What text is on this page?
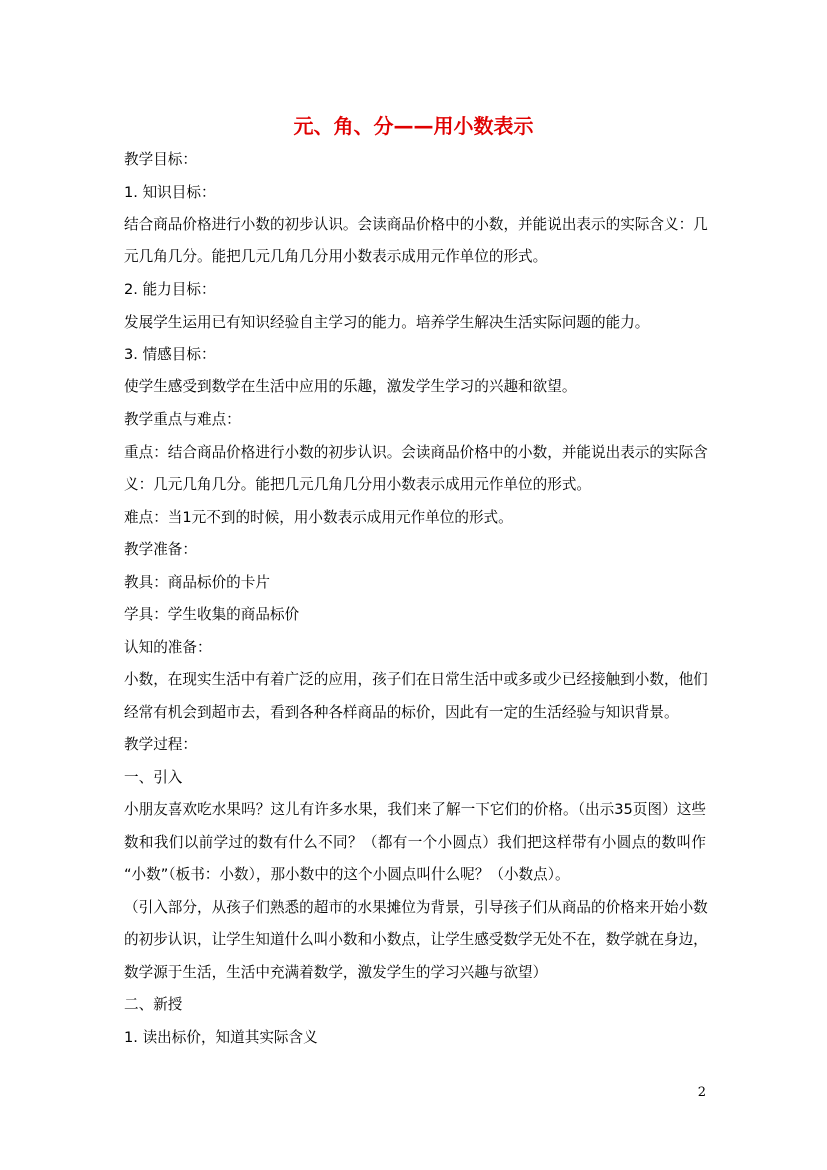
元、角、分——用小数表示
教学目标：
1. 知识目标：
结合商品价格进行小数的初步认识。会读商品价格中的小数，并能说出表示的实际含义：几
元几角几分。能把几元几角几分用小数表示成用元作单位的形式。
2. 能力目标：
发展学生运用已有知识经验自主学习的能力。培养学生解决生活实际问题的能力。
3. 情感目标：
使学生感受到数学在生活中应用的乐趣，激发学生学习的兴趣和欲望。
教学重点与难点：
重点：结合商品价格进行小数的初步认识。会读商品价格中的小数，并能说出表示的实际含
义：几元几角几分。能把几元几角几分用小数表示成用元作单位的形式。
难点：当1元不到的时候，用小数表示成用元作单位的形式。
教学准备：
教具：商品标价的卡片
学具：学生收集的商品标价
认知的准备：
小数，在现实生活中有着广泛的应用，孩子们在日常生活中或多或少已经接触到小数，他们
经常有机会到超市去，看到各种各样商品的标价，因此有一定的生活经验与知识背景。
教学过程：
一、引入
小朋友喜欢吃水果吗？这儿有许多水果，我们来了解一下它们的价格。（出示35页图）这些
数和我们以前学过的数有什么不同？（都有一个小圆点）我们把这样带有小圆点的数叫作
“小数”（板书：小数），那小数中的这个小圆点叫什么呢？（小数点）。
（引入部分，从孩子们熟悉的超市的水果摊位为背景，引导孩子们从商品的价格来开始小数
的初步认识，让学生知道什么叫小数和小数点，让学生感受数学无处不在，数学就在身边，
数学源于生活，生活中充满着数学，激发学生的学习兴趣与欲望）
二、新授
1. 读出标价，知道其实际含义
2
